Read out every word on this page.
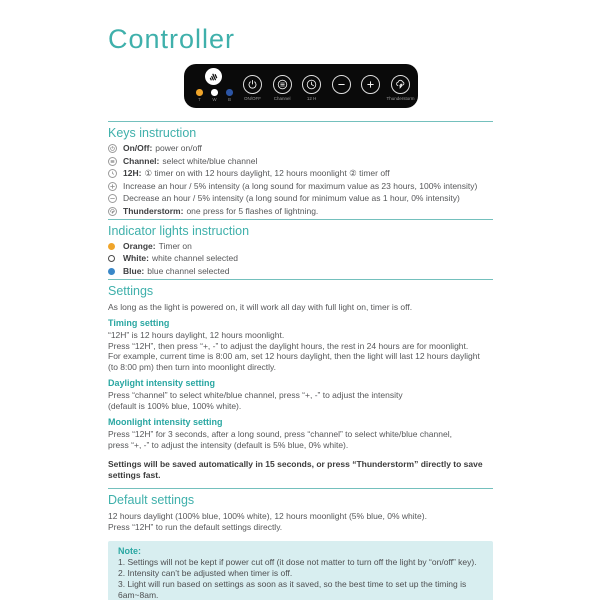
Controller
T	W	B	ON/OFF	Channel	12 H	Thunderstorm
Keys instruction
On/Off: power on/off
Channel: select white/blue channel
12H: ① timer on with 12 hours daylight, 12 hours moonlight ② timer off
Increase an hour / 5% intensity (a long sound for maximum value as 23 hours, 100% intensity)
Decrease an hour / 5% intensity (a long sound for minimum value as 1 hour, 0% intensity)
Thunderstorm: one press for 5 flashes of lightning.
Indicator lights instruction
Orange: Timer on
White: white channel selected
Blue: blue channel selected
Settings

As long as the light is powered on, it will work all day with full light on, timer is off.

Timing setting
“12H” is 12 hours daylight, 12 hours moonlight.
Press “12H”, then press “+, -” to adjust the daylight hours, the rest in 24 hours are for moonlight.
For example, current time is 8:00 am, set 12 hours daylight, then the light will last 12 hours daylight
(to 8:00 pm) then turn into moonlight directly.
Daylight intensity setting
Press “channel” to select white/blue channel, press “+, -” to adjust the intensity
(default is 100% blue, 100% white).
Moonlight intensity setting
Press “12H” for 3 seconds, after a long sound, press “channel” to select white/blue channel,
press “+, -” to adjust the intensity (default is 5% blue, 0% white).
Settings will be saved automatically in 15 seconds, or press “Thunderstorm” directly to save settings fast.
Default settings
12 hours daylight (100% blue, 100% white), 12 hours moonlight (5% blue, 0% white).
Press “12H” to run the default settings directly.
Note:
1. Settings will not be kept if power cut off (it dose not matter to turn off the light by “on/off” key).
2. Intensity can’t be adjusted when timer is off.
3. Light will run based on settings as soon as it saved, so the best time to set up the timing is 6am~8am.
